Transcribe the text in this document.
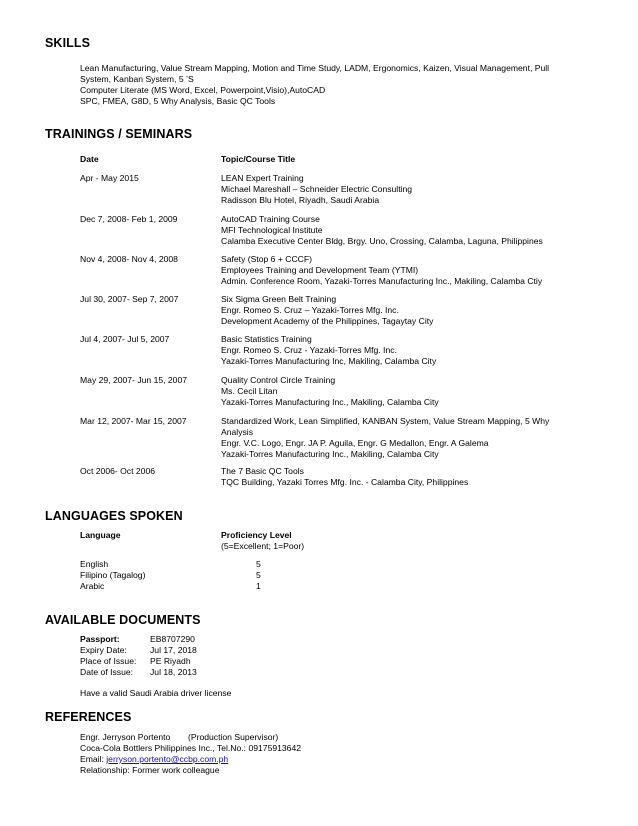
SKILLS
Lean Manufacturing, Value Stream Mapping, Motion and Time Study, LADM, Ergonomics, Kaizen, Visual Management, Pull
System, Kanban System, 5 ’S
Computer Literate (MS Word, Excel, Powerpoint,Visio),AutoCAD
SPC, FMEA, G8D, 5 Why Analysis, Basic QC Tools
TRAININGS / SEMINARS
Date	Topic/Course Title
Apr - May 2015	LEAN Expert Training
Michael Mareshall – Schneider Electric Consulting
Radisson Blu Hotel, Riyadh, Saudi Arabia
Dec 7, 2008- Feb 1, 2009	AutoCAD Training Course
MFI Technological Institute
Calamba Executive Center Bldg, Brgy. Uno, Crossing, Calamba, Laguna, Philippines
Nov 4, 2008- Nov 4, 2008	Safety (Stop 6 + CCCF)
Employees Training and Development Team (YTMI)
Admin. Conference Room, Yazaki-Torres Manufacturing Inc., Makiling, Calamba Ctiy
Jul 30, 2007- Sep 7, 2007	Six Sigma Green Belt Training
Engr. Romeo S. Cruz – Yazaki-Torres Mfg. Inc.
Development Academy of the Philippines, Tagaytay City
Jul 4, 2007- Jul 5, 2007	Basic Statistics Training
Engr. Romeo S. Cruz - Yazaki-Torres Mfg. Inc.
Yazaki-Torres Manufacturing Inc, Makiling, Calamba City
May 29, 2007- Jun 15, 2007	Quality Control Circle Training
Ms. Cecil Litan
Yazaki-Torres Manufacturing Inc., Makiling, Calamba City
Mar 12, 2007- Mar 15, 2007	Standardized Work, Lean Simplified, KANBAN System, Value Stream Mapping, 5 Why
Analysis
Engr. V.C. Logo, Engr. JA P. Aguila, Engr. G Medallon, Engr. A Galema
Yazaki-Torres Manufacturing Inc., Makiling, Calamba City
Oct 2006- Oct 2006	The 7 Basic QC Tools
TQC Building, Yazaki Torres Mfg. Inc. - Calamba City, Philippines
LANGUAGES SPOKEN
Language	Proficiency Level
(5=Excellent; 1=Poor)
English	5
Filipino (Tagalog)	5
Arabic	1
AVAILABLE DOCUMENTS
Passport:	EB8707290
Expiry Date:	Jul 17, 2018
Place of Issue: PE Riyadh
Date of Issue: Jul 18, 2013
Have a valid Saudi Arabia driver license
REFERENCES
Engr. Jerryson Portento (Production Supervisor)
Coca-Cola Bottlers Philippines Inc., Tel.No.: 09175913642
Email: jerryson.portento@ccbp.com.ph
Relationship: Former work colleague
